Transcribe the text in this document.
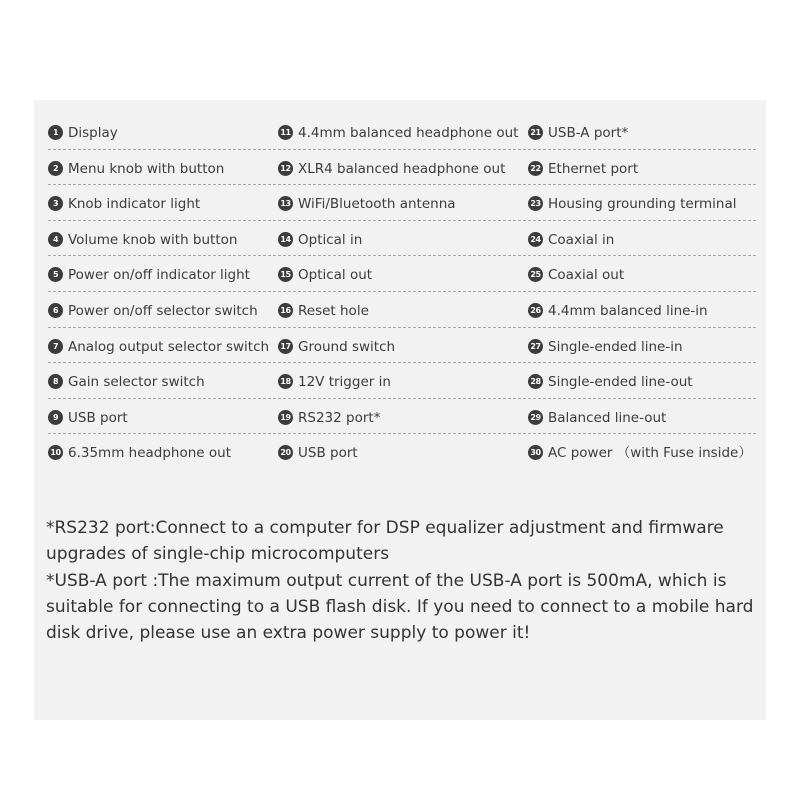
1 Display	11 4.4mm balanced headphone out	21 USB-A port*
2 Menu knob with button	12 XLR4 balanced headphone out	22 Ethernet port
3 Knob indicator light	13 WiFi/Bluetooth antenna	23 Housing grounding terminal
4 Volume knob with button	14 Optical in	24 Coaxial in
5 Power on/off indicator light	15 Optical out	25 Coaxial out
6 Power on/off selector switch	16 Reset hole	26 4.4mm balanced line-in
7 Analog output selector switch	17 Ground switch	27 Single-ended line-in
8 Gain selector switch	18 12V trigger in	28 Single-ended line-out
9 USB port	19 RS232 port*	29 Balanced line-out
10 6.35mm headphone out	20 USB port	30 AC power （with Fuse inside）

*RS232 port:Connect to a computer for DSP equalizer adjustment and firmware upgrades of single-chip microcomputers

*USB-A port :The maximum output current of the USB-A port is 500mA, which is suitable for connecting to a USB flash disk. If you need to connect to a mobile hard disk drive, please use an extra power supply to power it!
